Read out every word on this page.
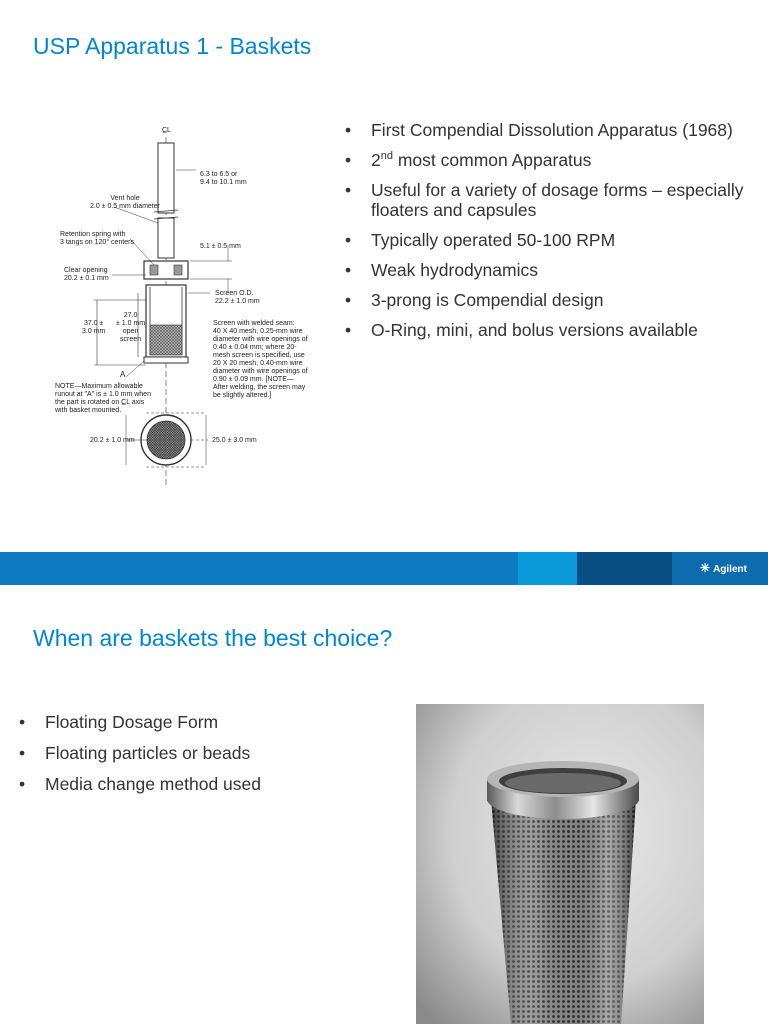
USP Apparatus 1 - Baskets
C̲L
6.3 to 6.5 or
9.4 to 10.1 mm
Vent hole
2.0 ± 0.5 mm diameter
Retention spring with
3 tangs on 120° centers
5.1 ± 0.5 mm
Clear opening
20.2 ± 0.1 mm
Screen O.D.
22.2 ± 1.0 mm
27.0
± 1.0 mm
open
screen
37.0 ±
3.0 mm
Screen with welded seam:
40 X 40 mesh, 0.25-mm wire
diameter with wire openings of
0.40 ± 0.04 mm; where 20-
mesh screen is specified, use
20 X 20 mesh, 0.40-mm wire
diameter with wire openings of
0.90 ± 0.09 mm. [NOTE—
After welding, the screen may
be slightly altered.]
A
NOTE—Maximum allowable
runout at "A" is ± 1.0 mm when
the part is rotated on C̲L axis
with basket mounted.
20.2 ± 1.0 mm	25.0 ± 3.0 mm
• First Compendial Dissolution Apparatus (1968)
• 2nd most common Apparatus
• Useful for a variety of dosage forms – especially floaters and capsules
• Typically operated 50-100 RPM
• Weak hydrodynamics
• 3-prong is Compendial design
• O-Ring, mini, and bolus versions available
✳ Agilent
When are baskets the best choice?
• Floating Dosage Form
• Floating particles or beads
• Media change method used
